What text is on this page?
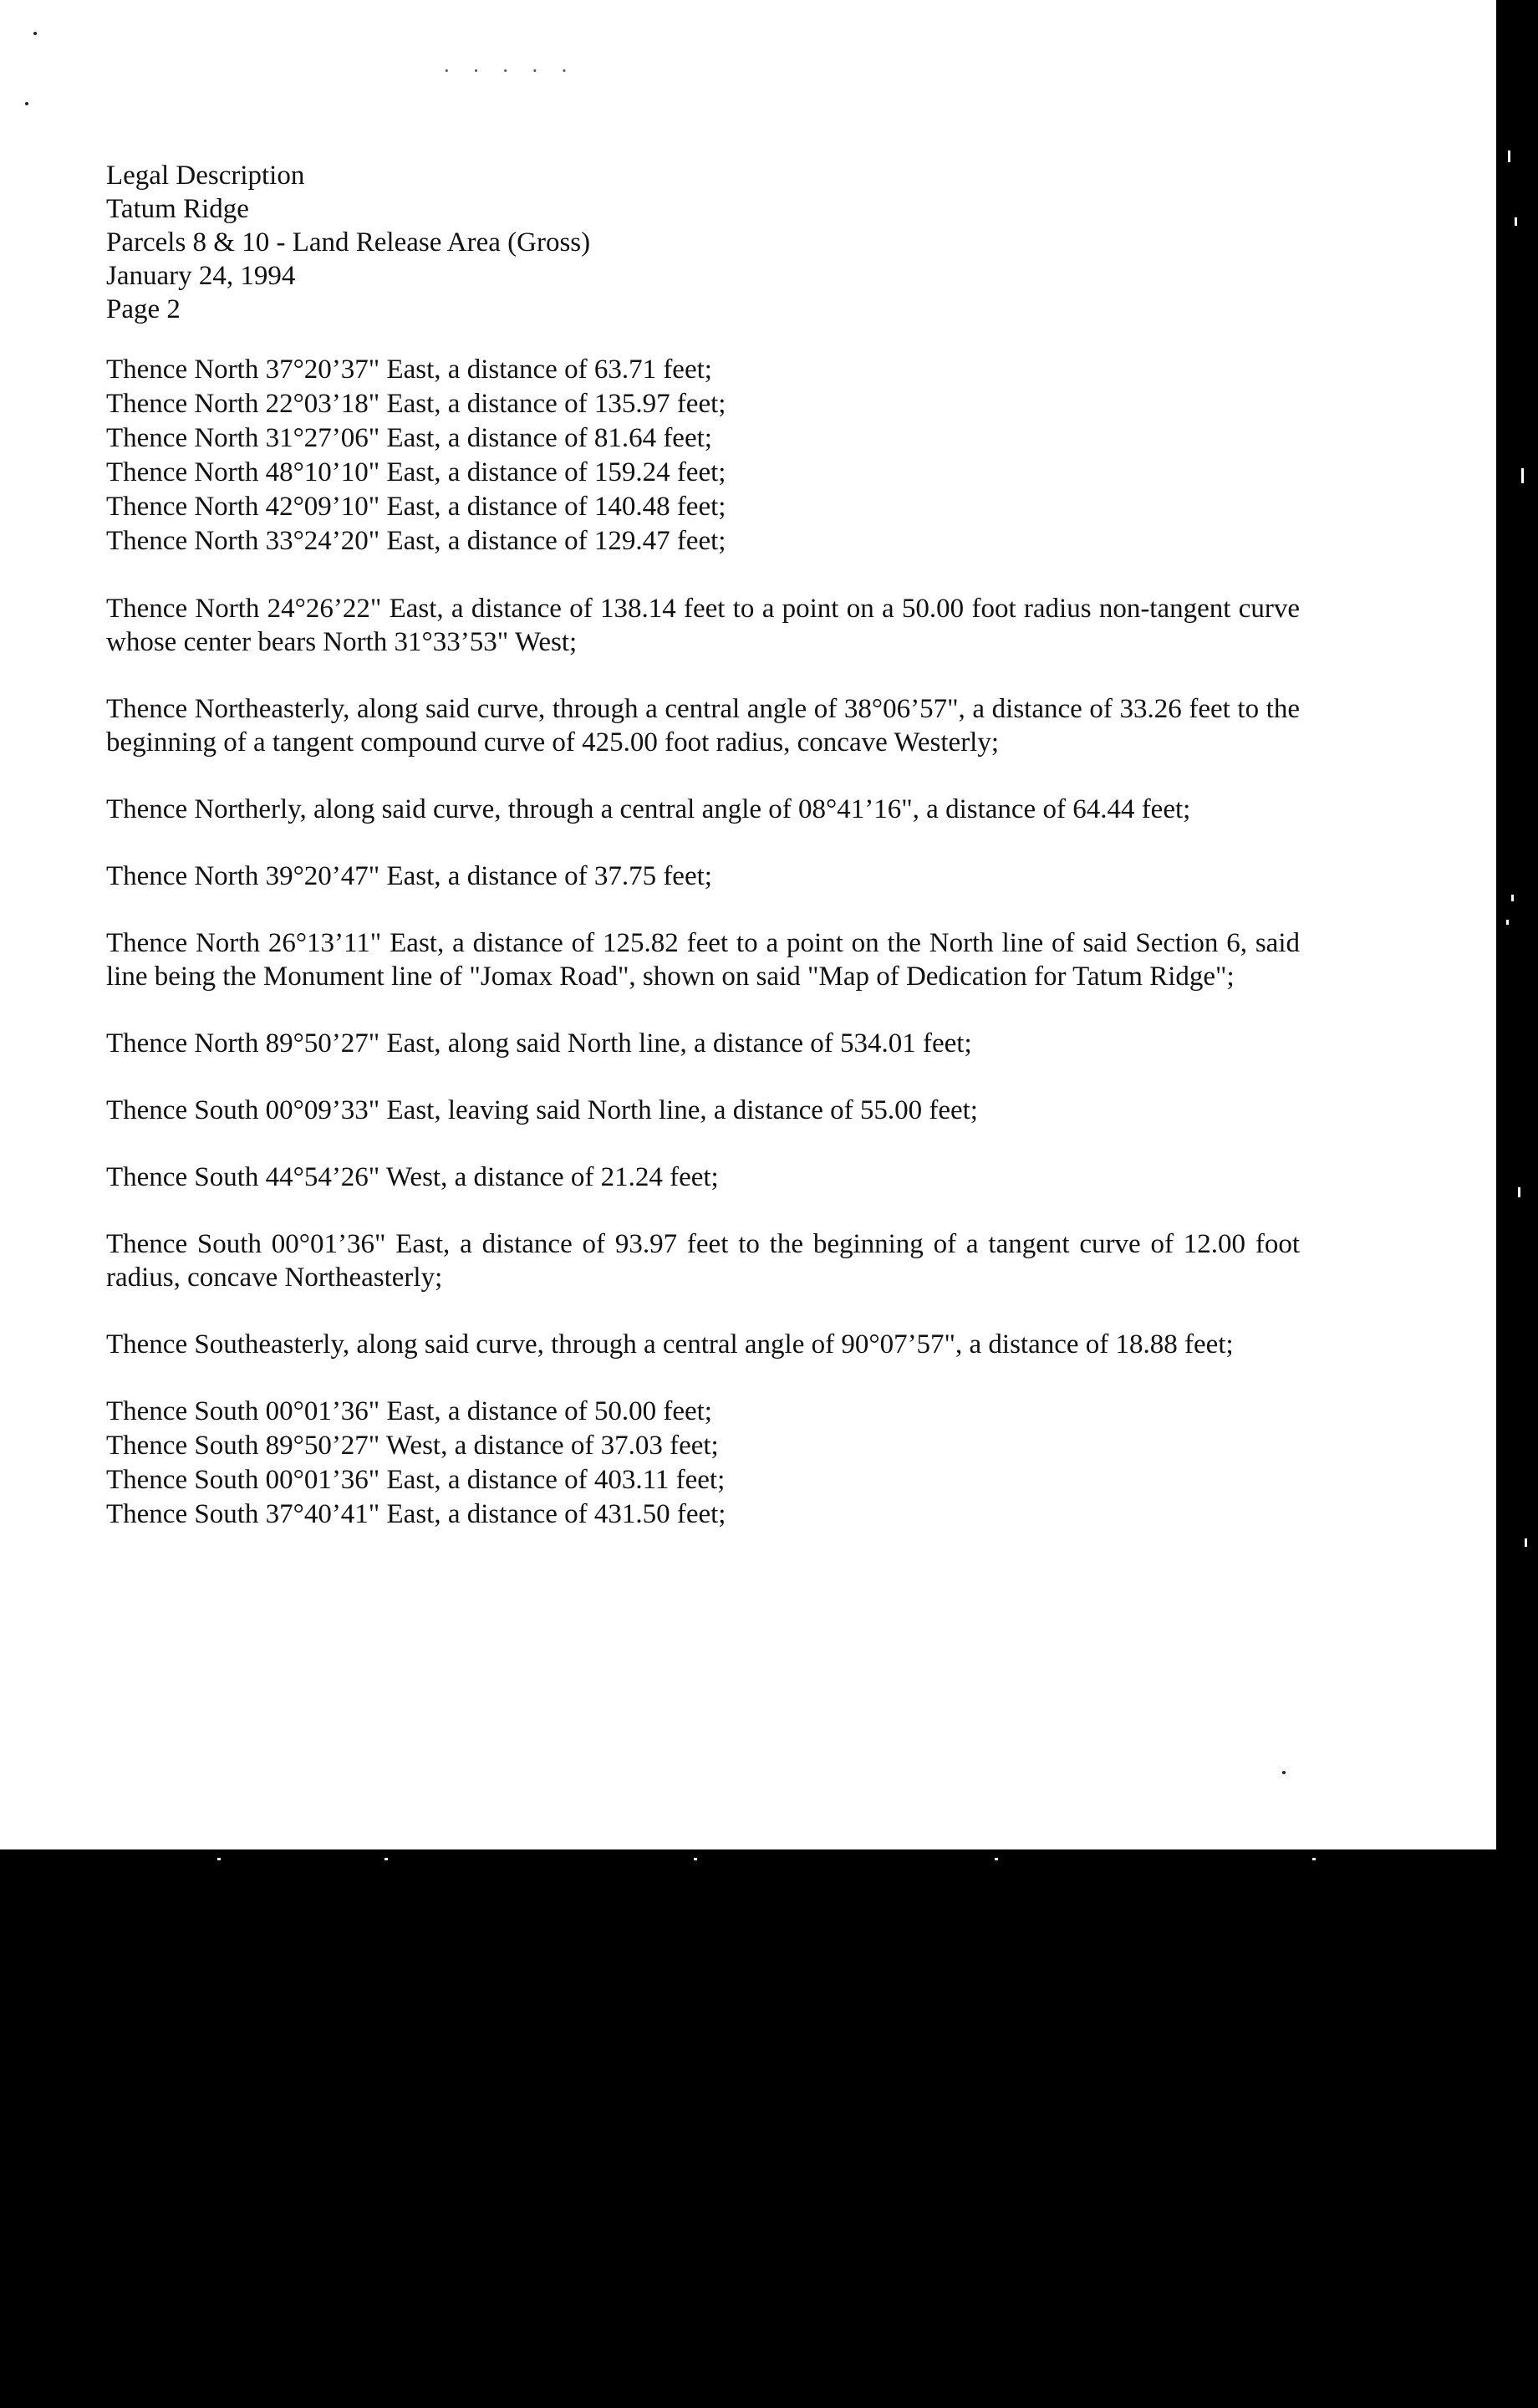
· · · · ·
Legal Description
Tatum Ridge
Parcels 8 & 10 - Land Release Area (Gross)
January 24, 1994
Page 2
Thence North 37°20’37" East, a distance of 63.71 feet;
Thence North 22°03’18" East, a distance of 135.97 feet;
Thence North 31°27’06" East, a distance of 81.64 feet;
Thence North 48°10’10" East, a distance of 159.24 feet;
Thence North 42°09’10" East, a distance of 140.48 feet;
Thence North 33°24’20" East, a distance of 129.47 feet;

Thence North 24°26’22" East, a distance of 138.14 feet to a point on a 50.00 foot radius non-tangent curve whose center bears North 31°33’53" West;

Thence Northeasterly, along said curve, through a central angle of 38°06’57", a distance of 33.26 feet to the beginning of a tangent compound curve of 425.00 foot radius, concave Westerly;

Thence Northerly, along said curve, through a central angle of 08°41’16", a distance of 64.44 feet;

Thence North 39°20’47" East, a distance of 37.75 feet;

Thence North 26°13’11" East, a distance of 125.82 feet to a point on the North line of said Section 6, said line being the Monument line of "Jomax Road", shown on said "Map of Dedication for Tatum Ridge";

Thence North 89°50’27" East, along said North line, a distance of 534.01 feet;

Thence South 00°09’33" East, leaving said North line, a distance of 55.00 feet;

Thence South 44°54’26" West, a distance of 21.24 feet;

Thence South 00°01’36" East, a distance of 93.97 feet to the beginning of a tangent curve of 12.00 foot radius, concave Northeasterly;

Thence Southeasterly, along said curve, through a central angle of 90°07’57", a distance of 18.88 feet;

Thence South 00°01’36" East, a distance of 50.00 feet;
Thence South 89°50’27" West, a distance of 37.03 feet;
Thence South 00°01’36" East, a distance of 403.11 feet;
Thence South 37°40’41" East, a distance of 431.50 feet;
